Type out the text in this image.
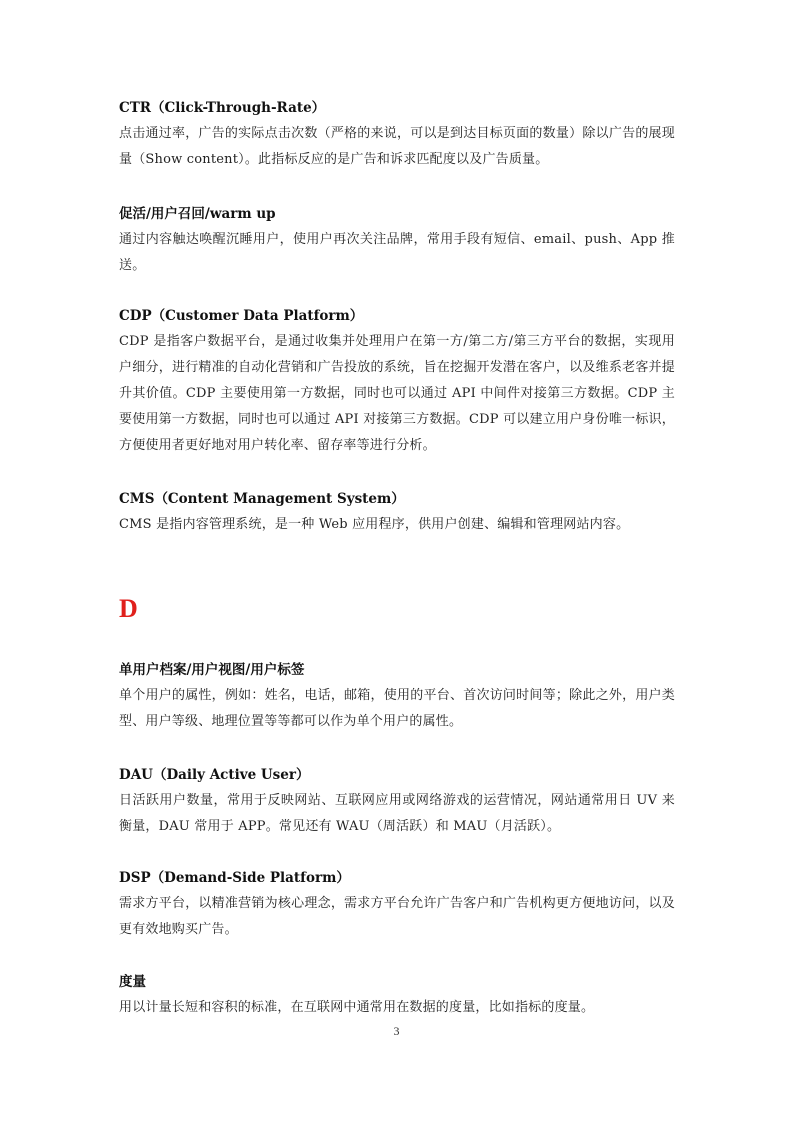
CTR（Click-Through-Rate）

点击通过率，广告的实际点击次数（严格的来说，可以是到达目标页面的数量）除以广告的展现量（Show content）。此指标反应的是广告和诉求匹配度以及广告质量。

促活/用户召回/warm up

通过内容触达唤醒沉睡用户，使用户再次关注品牌，常用手段有短信、email、push、App 推送。

CDP（Customer Data Platform）

CDP 是指客户数据平台，是通过收集并处理用户在第一方/第二方/第三方平台的数据，实现用户细分，进行精准的自动化营销和广告投放的系统，旨在挖掘开发潜在客户，以及维系老客并提升其价值。CDP 主要使用第一方数据，同时也可以通过 API 中间件对接第三方数据。CDP 主要使用第一方数据，同时也可以通过 API 对接第三方数据。CDP 可以建立用户身份唯一标识，方便使用者更好地对用户转化率、留存率等进行分析。

CMS（Content Management System）

CMS 是指内容管理系统，是一种 Web 应用程序，供用户创建、编辑和管理网站内容。

D

单用户档案/用户视图/用户标签

单个用户的属性，例如：姓名，电话，邮箱，使用的平台、首次访问时间等；除此之外，用户类型、用户等级、地理位置等等都可以作为单个用户的属性。

DAU（Daily Active User）

日活跃用户数量，常用于反映网站、互联网应用或网络游戏的运营情况，网站通常用日 UV 来衡量，DAU 常用于 APP。常见还有 WAU（周活跃）和 MAU（月活跃）。

DSP（Demand-Side Platform）

需求方平台，以精准营销为核心理念，需求方平台允许广告客户和广告机构更方便地访问，以及更有效地购买广告。

度量

用以计量长短和容积的标准，在互联网中通常用在数据的度量，比如指标的度量。

3
